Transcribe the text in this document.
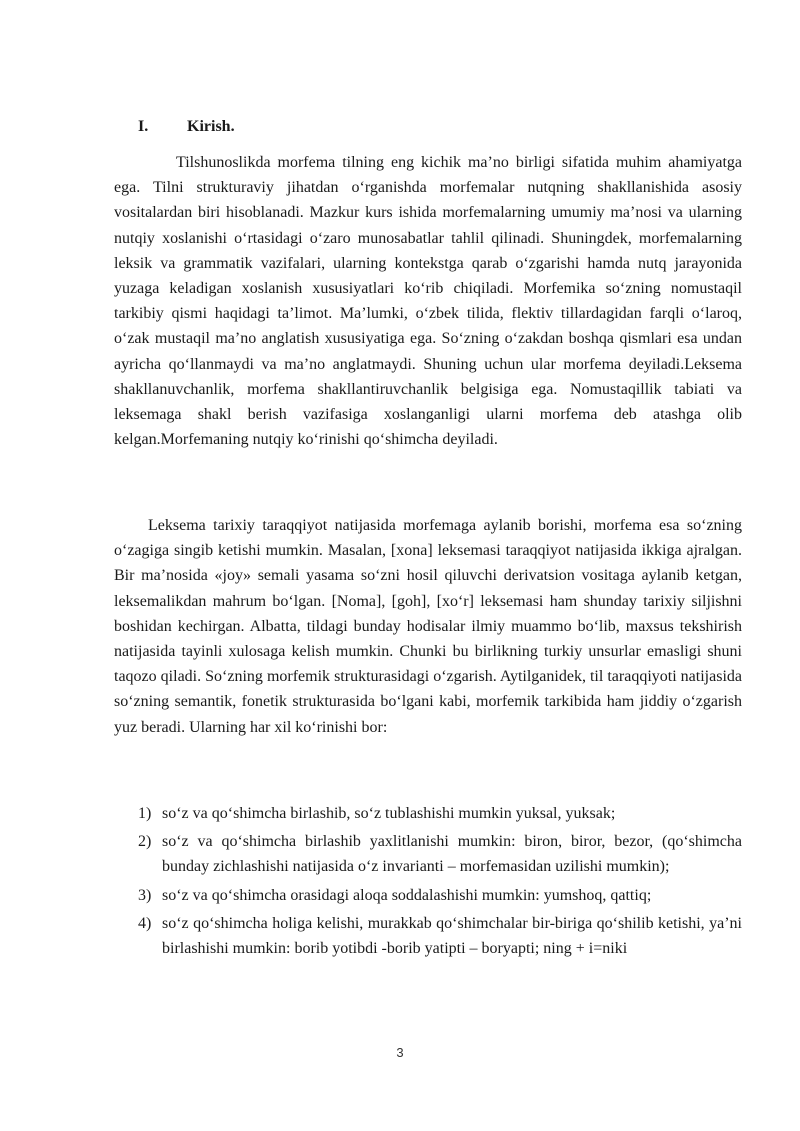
I. Kirish.

Tilshunoslikda morfema tilning eng kichik ma’no birligi sifatida muhim ahamiyatga ega. Tilni strukturaviy jihatdan o‘rganishda morfemalar nutqning shakllanishida asosiy vositalardan biri hisoblanadi. Mazkur kurs ishida morfemalarning umumiy ma’nosi va ularning nutqiy xoslanishi o‘rtasidagi o‘zaro munosabatlar tahlil qilinadi. Shuningdek, morfemalarning leksik va grammatik vazifalari, ularning kontekstga qarab o‘zgarishi hamda nutq jarayonida yuzaga keladigan xoslanish xususiyatlari ko‘rib chiqiladi. Morfemika so‘zning nomustaqil tarkibiy qismi haqidagi ta’limot. Ma’lumki, o‘zbek tilida, flektiv tillardagidan farqli o‘laroq, o‘zak mustaqil ma’no anglatish xususiyatiga ega. So‘zning o‘zakdan boshqa qismlari esa undan ayricha qo‘llanmaydi va ma’no anglatmaydi. Shuning uchun ular morfema deyiladi.Leksema shakllanuvchanlik, morfema shakllantiruvchanlik belgisiga ega. Nomustaqillik tabiati va leksemaga shakl berish vazifasiga xoslanganligi ularni morfema deb atashga olib kelgan.Morfemaning nutqiy ko‘rinishi qo‘shimcha deyiladi.

Leksema tarixiy taraqqiyot natijasida morfemaga aylanib borishi, morfema esa so‘zning o‘zagiga singib ketishi mumkin. Masalan, [xona] leksemasi taraqqiyot natijasida ikkiga ajralgan. Bir ma’nosida «joy» semali yasama so‘zni hosil qiluvchi derivatsion vositaga aylanib ketgan, leksemalikdan mahrum bo‘lgan. [Noma], [goh], [xo‘r] leksemasi ham shunday tarixiy siljishni boshidan kechirgan. Albatta, tildagi bunday hodisalar ilmiy muammo bo‘lib, maxsus tekshirish natijasida tayinli xulosaga kelish mumkin. Chunki bu birlikning turkiy unsurlar emasligi shuni taqozo qiladi. So‘zning morfemik strukturasidagi o‘zgarish. Aytilganidek, til taraqqiyoti natijasida so‘zning semantik, fonetik strukturasida bo‘lgani kabi, morfemik tarkibida ham jiddiy o‘zgarish yuz beradi. Ularning har xil ko‘rinishi bor:

1) so‘z va qo‘shimcha birlashib, so‘z tublashishi mumkin yuksal, yuksak;
2) so‘z va qo‘shimcha birlashib yaxlitlanishi mumkin: biron, biror, bezor, (qo‘shimcha bunday zichlashishi natijasida o‘z invarianti – morfemasidan uzilishi mumkin);
3) so‘z va qo‘shimcha orasidagi aloqa soddalashishi mumkin: yumshoq, qattiq;
4) so‘z qo‘shimcha holiga kelishi, murakkab qo‘shimchalar bir-biriga qo‘shilib ketishi, ya’ni birlashishi mumkin: borib yotibdi -borib yatipti – boryapti; ning + i=niki
3
